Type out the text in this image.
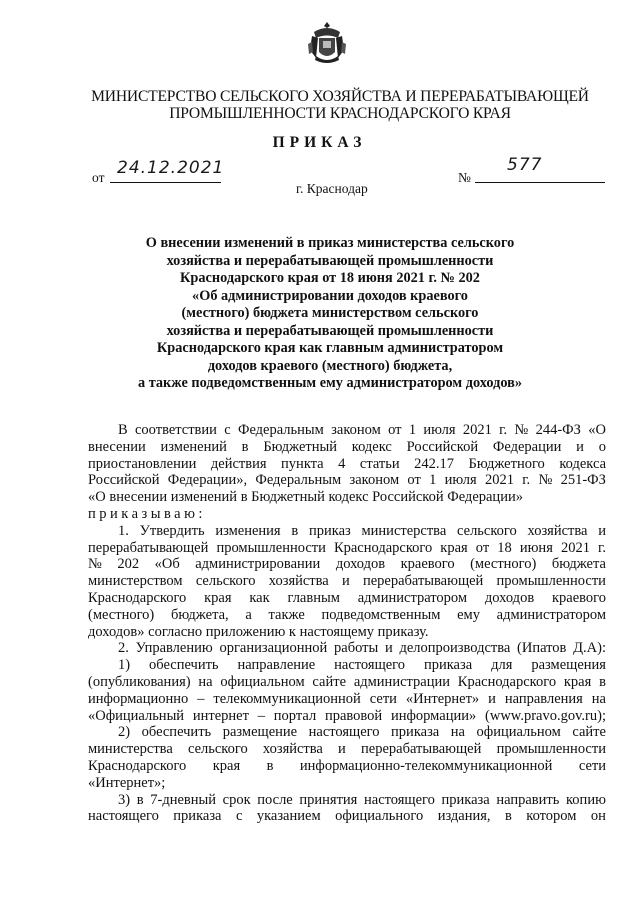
МИНИСТЕРСТВО СЕЛЬСКОГО ХОЗЯЙСТВА И ПЕРЕРАБАТЫВАЮЩЕЙ
ПРОМЫШЛЕННОСТИ КРАСНОДАРСКОГО КРАЯ
ПРИКАЗ
от 24.12.2021	№
577
г. Краснодар
О внесении изменений в приказ министерства сельского
хозяйства и перерабатывающей промышленности
Краснодарского края от 18 июня 2021 г. № 202
«Об администрировании доходов краевого
(местного) бюджета министерством сельского
хозяйства и перерабатывающей промышленности
Краснодарского края как главным администратором
доходов краевого (местного) бюджета,
а также подведомственным ему администратором доходов»
В соответствии с Федеральным законом от 1 июля 2021 г. № 244-ФЗ «О
внесении изменений в Бюджетный кодекс Российской Федерации и о
приостановлении действия пункта 4 статьи 242.17 Бюджетного кодекса
Российской Федерации», Федеральным законом от 1 июля 2021 г. № 251-ФЗ
«О внесении изменений в Бюджетный кодекс Российской Федерации»
приказываю:
1. Утвердить изменения в приказ министерства сельского хозяйства и
перерабатывающей промышленности Краснодарского края от 18 июня 2021 г.
№ 202 «Об администрировании доходов краевого (местного) бюджета
министерством сельского хозяйства и перерабатывающей промышленности
Краснодарского края как главным администратором доходов краевого
(местного) бюджета, а также подведомственным ему администратором
доходов» согласно приложению к настоящему приказу.
2. Управлению организационной работы и делопроизводства (Ипатов Д.А):
1) обеспечить направление настоящего приказа для размещения
(опубликования) на официальном сайте администрации Краснодарского края в
информационно – телекоммуникационной сети «Интернет» и направления на
«Официальный интернет – портал правовой информации» (www.pravo.gov.ru);
2) обеспечить размещение настоящего приказа на официальном сайте
министерства сельского хозяйства и перерабатывающей промышленности
Краснодарского края в информационно-телекоммуникационной сети
«Интернет»;
3) в 7-дневный срок после принятия настоящего приказа направить копию
настоящего приказа с указанием официального издания, в котором он
